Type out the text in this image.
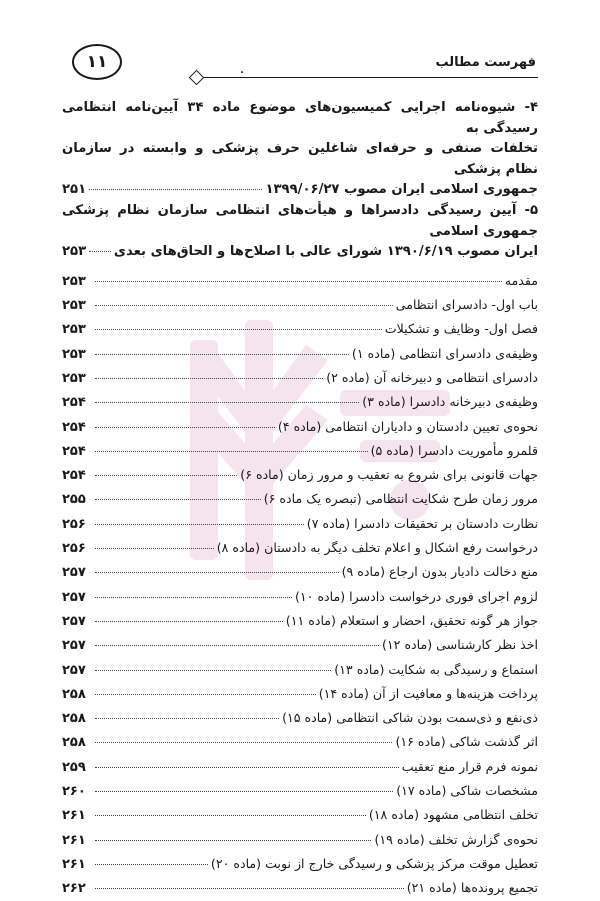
۱۱	فهرست مطالب
٠
۴- شیوه‌نامه اجرایی کمیسیون‌های موضوع ماده ۳۴ آیین‌نامه انتظامی رسیدگی به
تخلفات صنفی و حرفه‌ای شاغلین حرف پزشکی و وابسته در سازمان نظام پزشکی
جمهوری اسلامی ایران مصوب ۱۳۹۹/۰۶/۲۷
۲۵۱
۵- آیین رسیدگی دادسراها و هیأت‌های انتظامی سازمان نظام پزشکی جمهوری اسلامی
ایران مصوب ۱۳۹۰/۶/۱۹ شورای عالی با اصلاح‌ها و الحاق‌های بعدی
۲۵۳
مقدمه
۲۵۳
باب اول- دادسرای انتظامی
۲۵۳
فصل اول- وظایف و تشکیلات
۲۵۳
وظیفه‌ی دادسرای انتظامی (ماده ۱)
۲۵۳
دادسرای انتظامی و دبیرخانه آن (ماده ۲)
۲۵۳
وظیفه‌ی دبیرخانه دادسرا (ماده ۳)
۲۵۴
نحوه‌ی تعیین دادستان و دادیاران انتظامی (ماده ۴)
۲۵۴
قلمرو مأموریت دادسرا (ماده ۵)
۲۵۴
جهات قانونی برای شروع به تعقیب و مرور زمان (ماده ۶)
۲۵۴
مرور زمان طرح شکایت انتظامی (تبصره یک ماده ۶)
۲۵۵
نظارت دادستان بر تحقیقات دادسرا (ماده ۷)
۲۵۶
درخواست رفع اشکال و اعلام تخلف دیگر به دادستان (ماده ۸)
۲۵۶
منع دخالت دادیار بدون ارجاع (ماده ۹)
۲۵۷
لزوم اجرای فوری درخواست دادسرا (ماده ۱۰)
۲۵۷
جواز هر گونه تحقیق، احضار و استعلام (ماده ۱۱)
۲۵۷
اخذ نظر کارشناسی (ماده ۱۲)
۲۵۷
استماع و رسیدگی به شکایت (ماده ۱۳)
۲۵۷
پرداخت هزینه‌ها و معافیت از آن (ماده ۱۴)
۲۵۸
ذی‌نفع و ذی‌سمت بودن شاکی انتظامی (ماده ۱۵)
۲۵۸
اثر گذشت شاکی (ماده ۱۶)
۲۵۸
نمونه فرم قرار منع تعقیب
۲۵۹
مشخصات شاکی (ماده ۱۷)
۲۶۰
تخلف انتظامی مشهود (ماده ۱۸)
۲۶۱
نحوه‌ی گزارش تخلف (ماده ۱۹)
۲۶۱
تعطیل موقت مرکز پزشکی و رسیدگی خارج از نوبت (ماده ۲۰)
۲۶۱
تجمیع پرونده‌ها (ماده ۲۱)
۲۶۲
